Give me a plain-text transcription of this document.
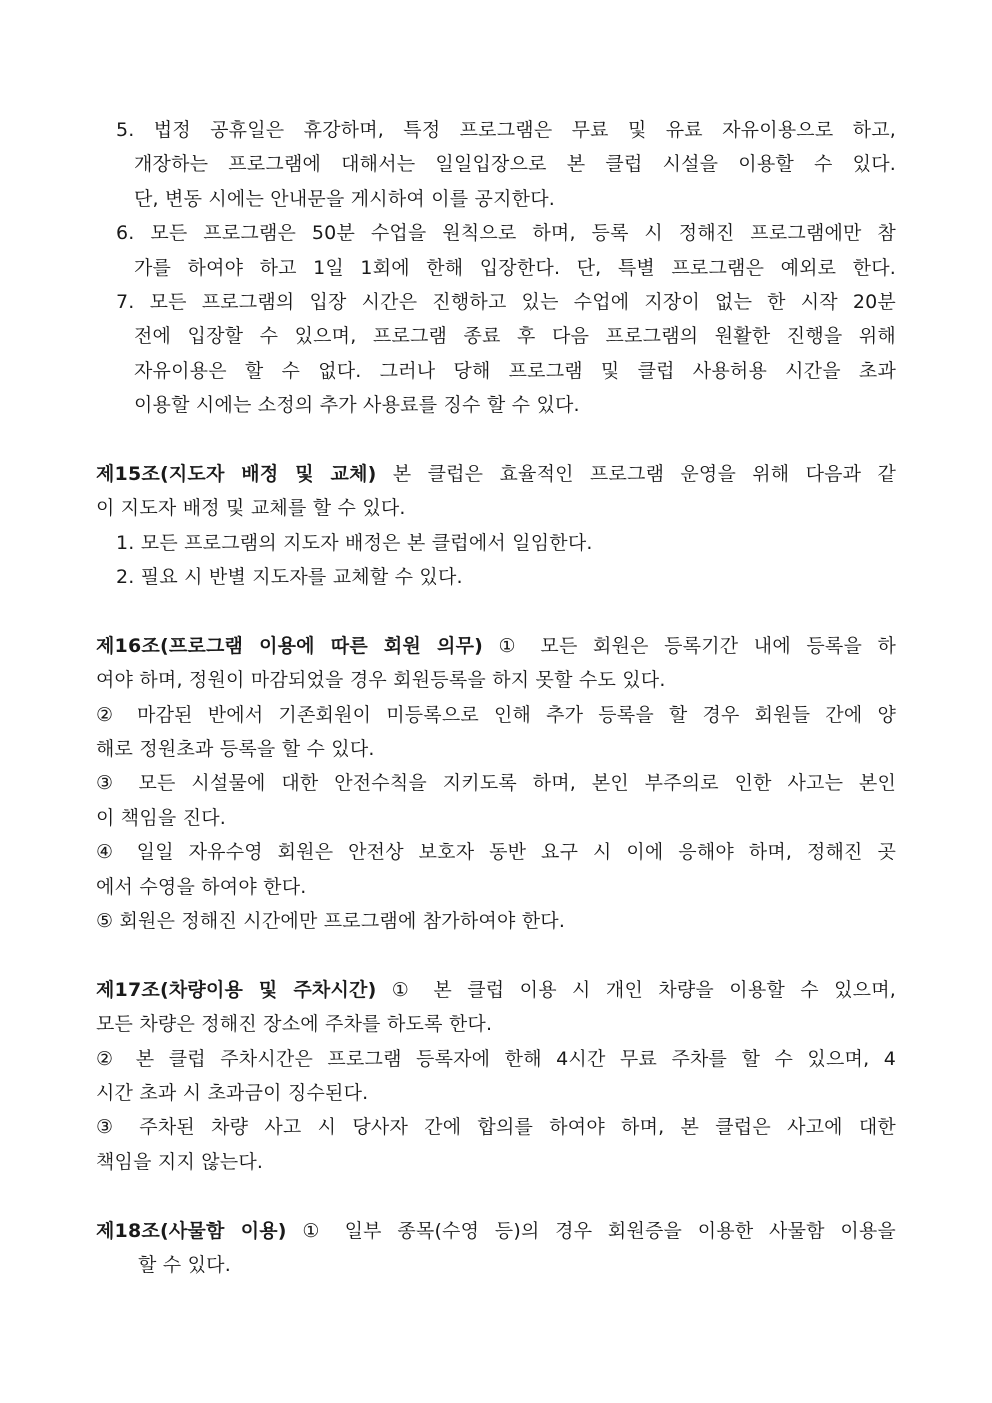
5. 법정 공휴일은 휴강하며, 특정 프로그램은 무료 및 유료 자유이용으로 하고,
개장하는 프로그램에 대해서는 일일입장으로 본 클럽 시설을 이용할 수 있다.
단, 변동 시에는 안내문을 게시하여 이를 공지한다.
6. 모든 프로그램은 50분 수업을 원칙으로 하며, 등록 시 정해진 프로그램에만 참
가를 하여야 하고 1일 1회에 한해 입장한다. 단, 특별 프로그램은 예외로 한다.
7. 모든 프로그램의 입장 시간은 진행하고 있는 수업에 지장이 없는 한 시작 20분
전에 입장할 수 있으며, 프로그램 종료 후 다음 프로그램의 원활한 진행을 위해
자유이용은 할 수 없다. 그러나 당해 프로그램 및 클럽 사용허용 시간을 초과
이용할 시에는 소정의 추가 사용료를 징수 할 수 있다.
제15조(지도자 배정 및 교체) 본 클럽은 효율적인 프로그램 운영을 위해 다음과 같
이 지도자 배정 및 교체를 할 수 있다.
1. 모든 프로그램의 지도자 배정은 본 클럽에서 일임한다.
2. 필요 시 반별 지도자를 교체할 수 있다.
제16조(프로그램 이용에 따른 회원 의무) ① 모든 회원은 등록기간 내에 등록을 하
여야 하며, 정원이 마감되었을 경우 회원등록을 하지 못할 수도 있다.
② 마감된 반에서 기존회원이 미등록으로 인해 추가 등록을 할 경우 회원들 간에 양
해로 정원초과 등록을 할 수 있다.
③ 모든 시설물에 대한 안전수칙을 지키도록 하며, 본인 부주의로 인한 사고는 본인
이 책임을 진다.
④ 일일 자유수영 회원은 안전상 보호자 동반 요구 시 이에 응해야 하며, 정해진 곳
에서 수영을 하여야 한다.
⑤ 회원은 정해진 시간에만 프로그램에 참가하여야 한다.
제17조(차량이용 및 주차시간) ① 본 클럽 이용 시 개인 차량을 이용할 수 있으며,
모든 차량은 정해진 장소에 주차를 하도록 한다.
② 본 클럽 주차시간은 프로그램 등록자에 한해 4시간 무료 주차를 할 수 있으며, 4
시간 초과 시 초과금이 징수된다.
③ 주차된 차량 사고 시 당사자 간에 합의를 하여야 하며, 본 클럽은 사고에 대한
책임을 지지 않는다.
제18조(사물함 이용) ① 일부 종목(수영 등)의 경우 회원증을 이용한 사물함 이용을
할 수 있다.
